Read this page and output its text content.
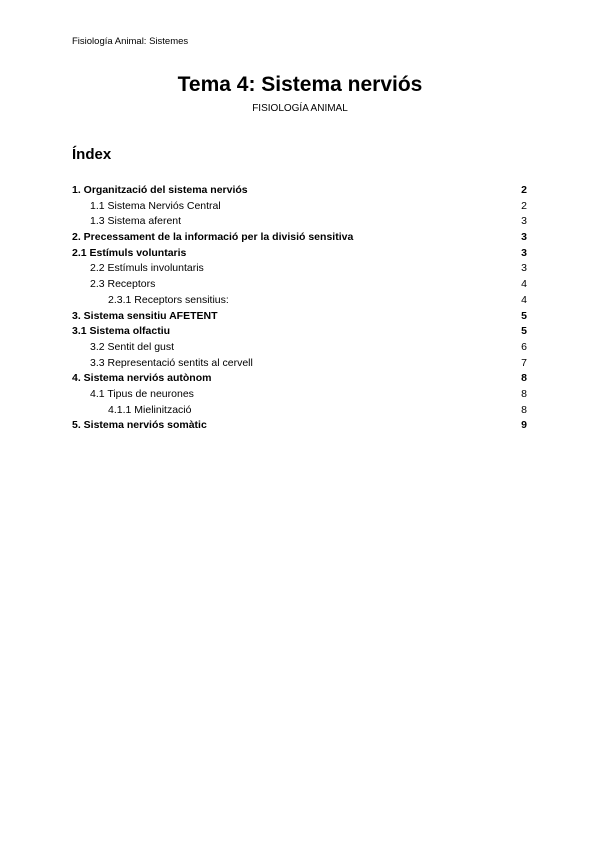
Fisiología Animal: Sistemes
Tema 4: Sistema nerviós
FISIOLOGÍA ANIMAL
Índex
1. Organització del sistema nerviós	2
1.1 Sistema Nerviós Central	2
1.3 Sistema aferent	3
2. Precessament de la informació per la divisió sensitiva	3
2.1 Estímuls voluntaris	3
2.2 Estímuls involuntaris	3
2.3 Receptors	4
2.3.1 Receptors sensitius:	4
3. Sistema sensitiu AFETENT	5
3.1 Sistema olfactiu	5
3.2 Sentit del gust	6
3.3 Representació sentits al cervell	7
4. Sistema nerviós autònom	8
4.1 Tipus de neurones	8
4.1.1 Mielinització	8
5. Sistema nerviós somàtic	9
